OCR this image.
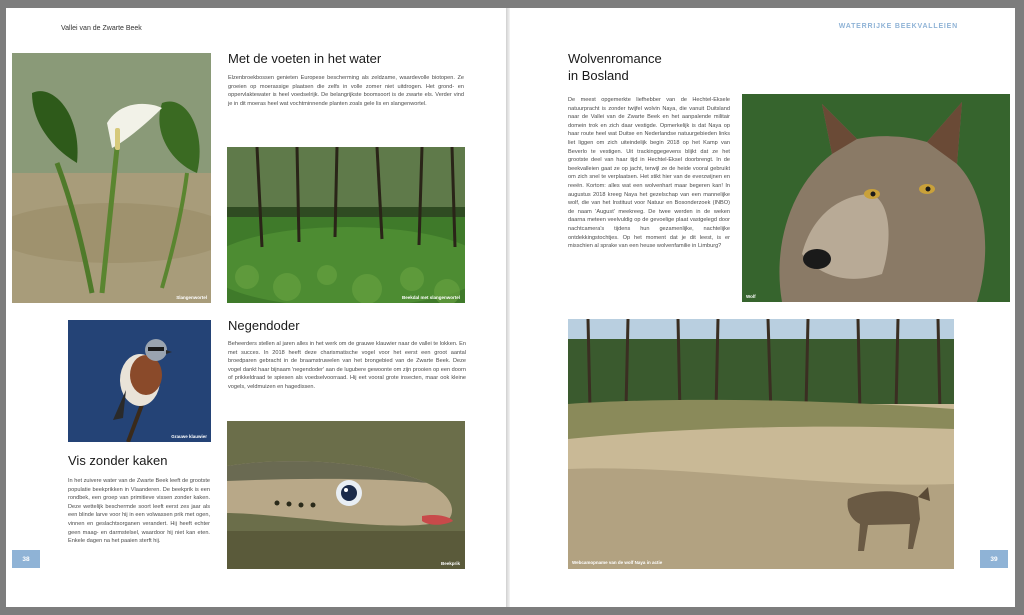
Vallei van de Zwarte Beek
Slangenwortel
Met de voeten in het water

Elzenbroekbossen genieten Europese bescherming als zeldzame, waardevolle biotopen. Ze groeien op moerassige plaatsen die zelfs in volle zomer niet uitdrogen. Het grond- en oppervlaktewater is heel voedselrijk. De belangrijkste boomsoort is de zwarte els. Verder vind je in dit moeras heel wat vochtminnende planten zoals gele lis en slangenwortel.

Beekdal met slangenwortel
Grauwe klauwier
Negendoder

Beheerders stellen al jaren alles in het werk om de grauwe klauwier naar de vallei te lokken. En met succes. In 2018 heeft deze charismatische vogel voor het eerst een groot aantal broedparen gebracht in de braamstruwelen van het brongebied van de Zwarte Beek. Deze vogel dankt haar bijnaam 'negendoder' aan de lugubere gewoonte om zijn prooien op een doorn of prikkeldraad te spiesen als voedselvoorraad. Hij eet vooral grote insecten, maar ook kleine vogels, veldmuizen en hagedissen.

Vis zonder kaken

In het zuivere water van de Zwarte Beek leeft de grootste populatie beekprikken in Vlaanderen. De beekprik is een rondbek, een groep van primitieve vissen zonder kaken. Deze wettelijk beschermde soort leeft eerst zes jaar als een blinde larve voor hij in een volwassen prik met ogen, vinnen en geslachtsorganen verandert. Hij heeft echter geen maag- en darmstelsel, waardoor hij niet kan eten. Enkele dagen na het paaien sterft hij.

Beekprik
38
WATERRIJKE BEEKVALLEIEN
Wolvenromance
in Bosland

De meest opgemerkte liefhebber van de Hechtel-Eksele natuurpracht is zonder twijfel wolvin Naya, die vanuit Duitsland naar de Vallei van de Zwarte Beek en het aanpalende militair domein trok en zich daar vestigde. Opmerkelijk is dat Naya op haar route heel wat Duitse en Nederlandse natuurgebieden links liet liggen om zich uiteindelijk begin 2018 op het Kamp van Beverlo te vestigen. Uit trackinggegevens blijkt dat ze het grootste deel van haar tijd in Hechtel-Eksel doorbrengt. In de beekvalleien gaat ze op jacht, terwijl ze de heide vooral gebruikt om zich snel te verplaatsen. Het stikt hier van de everzwijnen en reeën. Kortom: alles wat een wolvenhart maar begeren kan! In augustus 2018 kreeg Naya het gezelschap van een mannelijke wolf, die van het Instituut voor Natuur en Bosonderzoek (INBO) de naam 'August' meekreeg. De twee werden in de weken daarna meteen veelvuldig op de gevoelige plaat vastgelegd door nachtcamera's tijdens hun gezamenlijke, nachtelijke ontdekkingstochtjes. Op het moment dat je dit leest, is er misschien al sprake van een heuse wolvenfamilie in Limburg?

Wolf
Webcamopname van de wolf Naya in actie	39
